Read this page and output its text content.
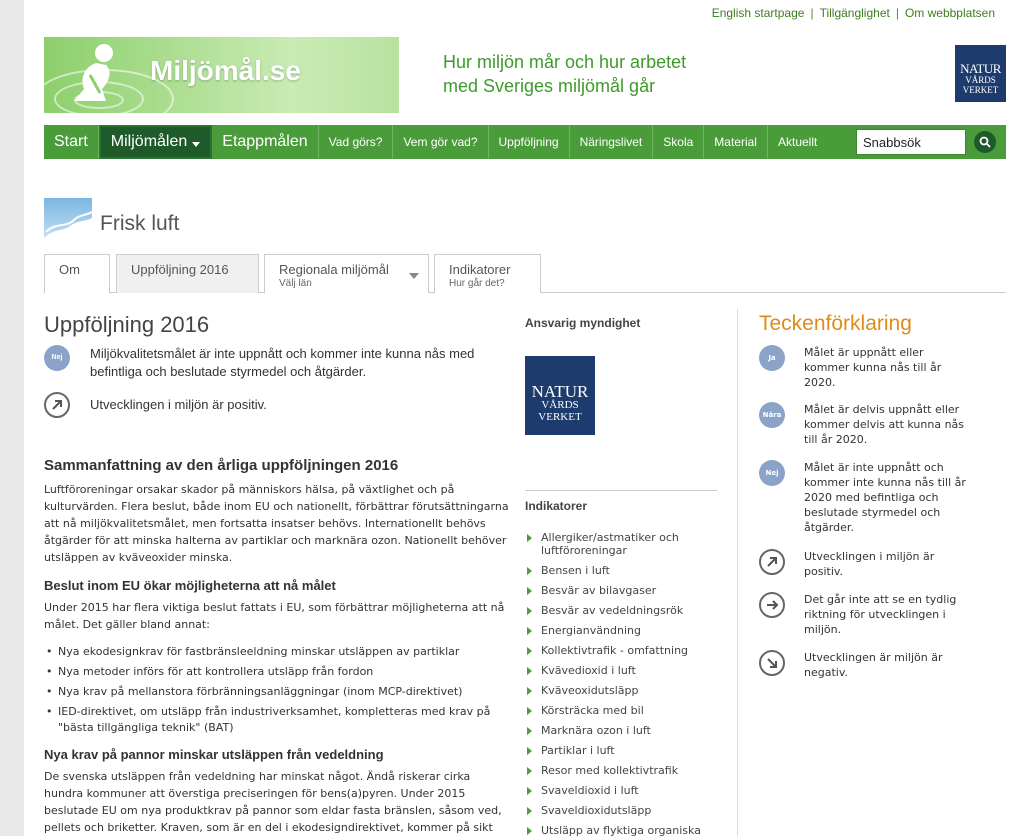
English startpage | Tillgänglighet | Om webbplatsen
Miljömål.se	Hur miljön mår och hur arbetet
med Sveriges miljömål går
NATUR
VÅRDS
VERKET
Start	Miljömålen	Etappmålen	Vad görs?	Vem gör vad?	Uppföljning	Näringslivet	Skola	Material	Aktuellt
Snabbsök
Frisk luft
Om	Uppföljning 2016	Regionala miljömål
Välj län
Indikatorer
Hur går det?
Uppföljning 2016
Nej	Miljökvalitetsmålet är inte uppnått och kommer inte kunna nås med befintliga och beslutade styrmedel och åtgärder.
Utvecklingen i miljön är positiv.
Sammanfattning av den årliga uppföljningen 2016

Luftföroreningar orsakar skador på människors hälsa, på växtlighet och på kulturvärden. Flera beslut, både inom EU och nationellt, förbättrar förutsättningarna att nå miljökvalitetsmålet, men fortsatta insatser behövs. Internationellt behövs åtgärder för att minska halterna av partiklar och marknära ozon. Nationellt behöver utsläppen av kväveoxider minska.

Beslut inom EU ökar möjligheterna att nå målet

Under 2015 har flera viktiga beslut fattats i EU, som förbättrar möjligheterna att nå målet. Det gäller bland annat:

• Nya ekodesignkrav för fastbränsleeldning minskar utsläppen av partiklar
• Nya metoder införs för att kontrollera utsläpp från fordon
• Nya krav på mellanstora förbränningsanläggningar (inom MCP-direktivet)
• IED-direktivet, om utsläpp från industriverksamhet, kompletteras med krav på "bästa tillgängliga teknik" (BAT)
Nya krav på pannor minskar utsläppen från vedeldning

De svenska utsläppen från vedeldning har minskat något. Ändå riskerar cirka hundra kommuner att överstiga preciseringen för bens(a)pyren. Under 2015 beslutade EU om nya produktkrav på pannor som eldar fasta bränslen, såsom ved, pellets och briketter. Kraven, som är en del i ekodesigndirektivet, kommer på sikt

Ansvarig myndighet
NATUR
VÅRDS
VERKET
Indikatorer
Allergiker/astmatiker och luftföroreningar
Bensen i luft
Besvär av bilavgaser
Besvär av vedeldningsrök
Energianvändning
Kollektivtrafik - omfattning
Kvävedioxid i luft
Kväveoxidutsläpp
Körsträcka med bil
Marknära ozon i luft
Partiklar i luft
Resor med kollektivtrafik
Svaveldioxid i luft
Svaveldioxidutsläpp
Utsläpp av flyktiga organiska
Teckenförklaring
Ja	Målet är uppnått eller kommer kunna nås till år 2020.
Nära	Målet är delvis uppnått eller kommer delvis att kunna nås till år 2020.
Nej	Målet är inte uppnått och kommer inte kunna nås till år 2020 med befintliga och beslutade styrmedel och åtgärder.
Utvecklingen i miljön är positiv.
Det går inte att se en tydlig riktning för utvecklingen i miljön.
Utvecklingen är miljön är negativ.
